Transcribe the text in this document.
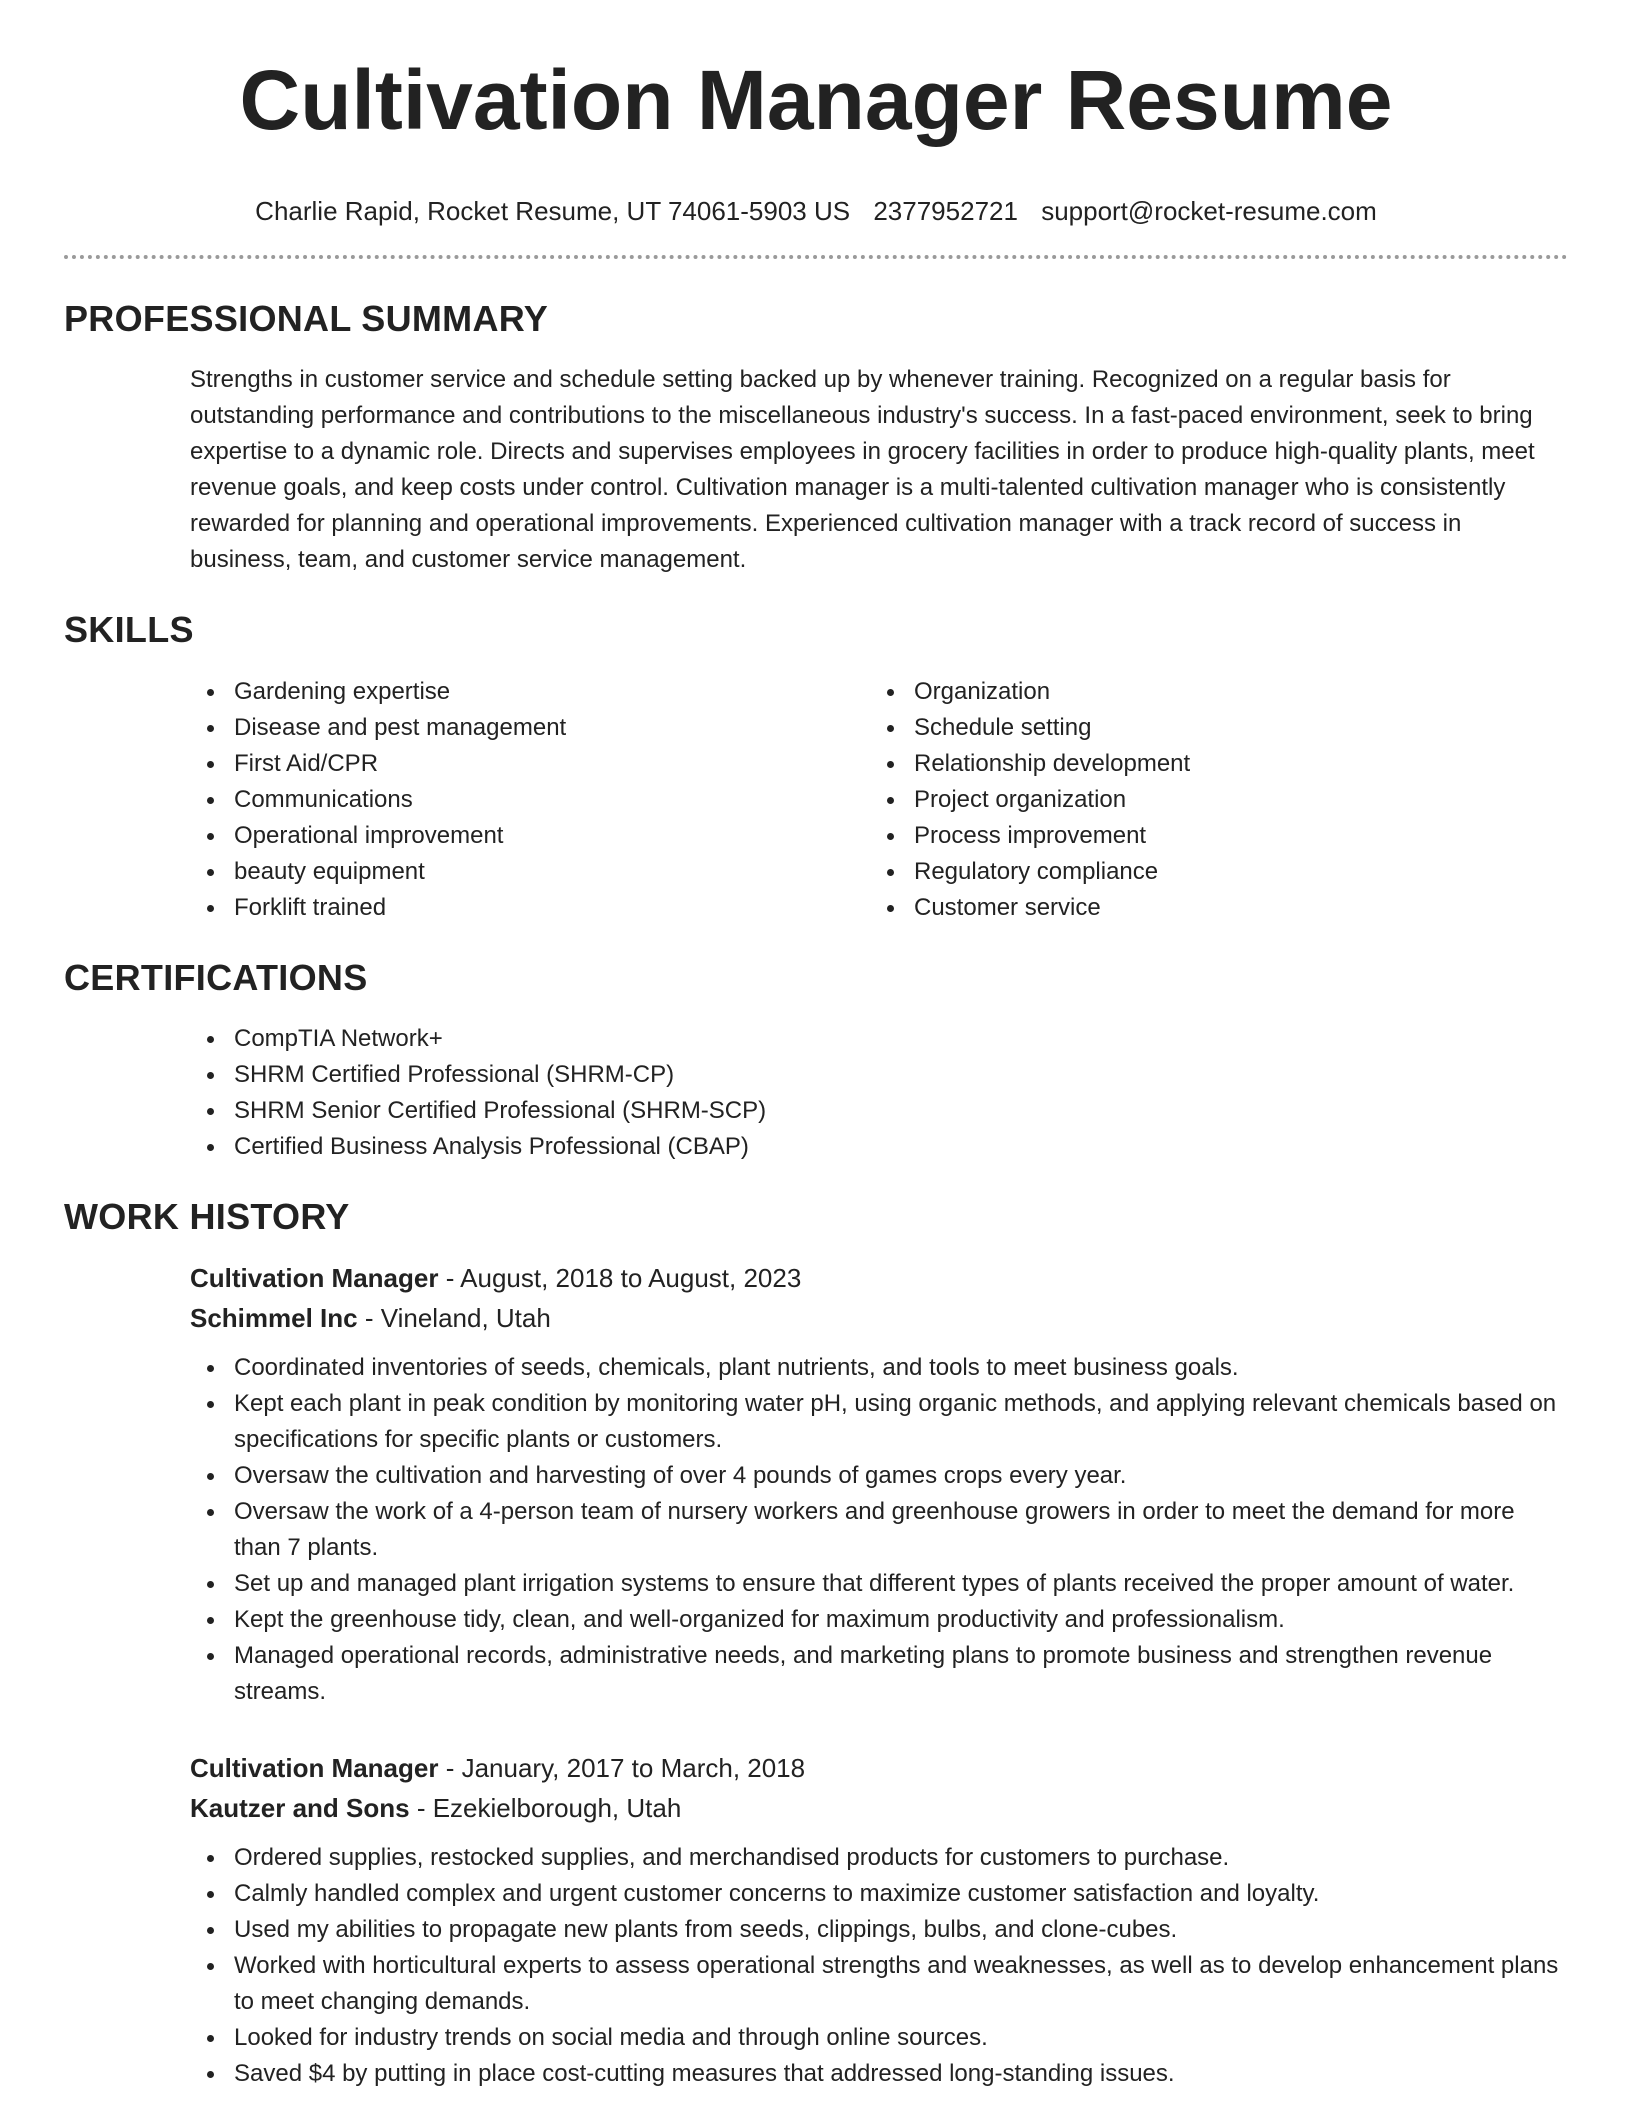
Cultivation Manager Resume
Charlie Rapid, Rocket Resume, UT 74061-5903 US 2377952721 support@rocket-resume.com
PROFESSIONAL SUMMARY

Strengths in customer service and schedule setting backed up by whenever training. Recognized on a regular basis for outstanding performance and contributions to the miscellaneous industry's success. In a fast-paced environment, seek to bring expertise to a dynamic role. Directs and supervises employees in grocery facilities in order to produce high-quality plants, meet revenue goals, and keep costs under control. Cultivation manager is a multi-talented cultivation manager who is consistently rewarded for planning and operational improvements. Experienced cultivation manager with a track record of success in business, team, and customer service management.

SKILLS
Gardening expertise
Disease and pest management
First Aid/CPR
Communications
Operational improvement
beauty equipment
Forklift trained
Organization
Schedule setting
Relationship development
Project organization
Process improvement
Regulatory compliance
Customer service
CERTIFICATIONS
CompTIA Network+
SHRM Certified Professional (SHRM-CP)
SHRM Senior Certified Professional (SHRM-SCP)
Certified Business Analysis Professional (CBAP)
WORK HISTORY
Cultivation Manager - August, 2018 to August, 2023
Schimmel Inc - Vineland, Utah
Coordinated inventories of seeds, chemicals, plant nutrients, and tools to meet business goals.
Kept each plant in peak condition by monitoring water pH, using organic methods, and applying relevant chemicals based on specifications for specific plants or customers.
Oversaw the cultivation and harvesting of over 4 pounds of games crops every year.
Oversaw the work of a 4-person team of nursery workers and greenhouse growers in order to meet the demand for more than 7 plants.
Set up and managed plant irrigation systems to ensure that different types of plants received the proper amount of water.
Kept the greenhouse tidy, clean, and well-organized for maximum productivity and professionalism.
Managed operational records, administrative needs, and marketing plans to promote business and strengthen revenue streams.
Cultivation Manager - January, 2017 to March, 2018
Kautzer and Sons - Ezekielborough, Utah
Ordered supplies, restocked supplies, and merchandised products for customers to purchase.
Calmly handled complex and urgent customer concerns to maximize customer satisfaction and loyalty.
Used my abilities to propagate new plants from seeds, clippings, bulbs, and clone-cubes.
Worked with horticultural experts to assess operational strengths and weaknesses, as well as to develop enhancement plans to meet changing demands.
Looked for industry trends on social media and through online sources.
Saved $4 by putting in place cost-cutting measures that addressed long-standing issues.
